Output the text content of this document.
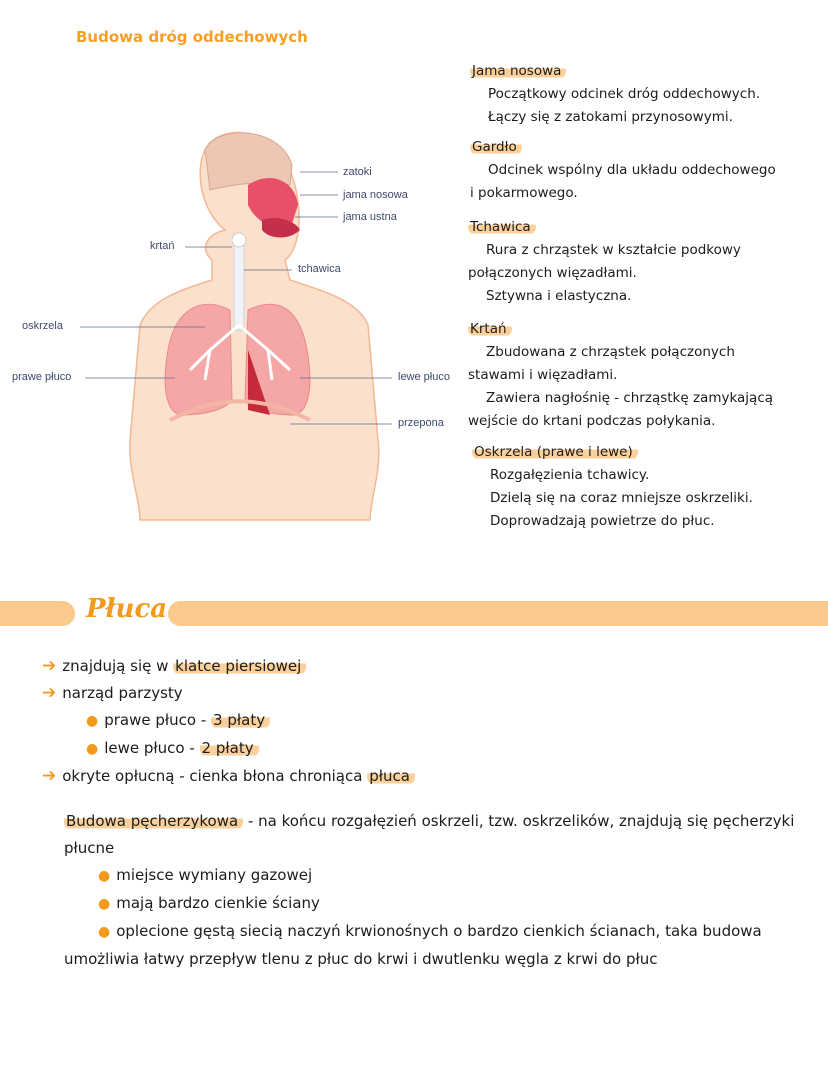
Budowa dróg oddechowych
zatoki
jama nosowa
jama ustna
krtań
tchawica
oskrzela
prawe płuco	lewe płuco
przepona
Jama nosowa
Początkowy odcinek dróg oddechowych.
Łączy się z zatokami przynosowymi.
Gardło
Odcinek wspólny dla układu oddechowego
i pokarmowego.
Tchawica
Rura z chrząstek w kształcie podkowy
połączonych więzadłami.
Sztywna i elastyczna.
Krtań
Zbudowana z chrząstek połączonych
stawami i więzadłami.
Zawiera nagłośnię - chrząstkę zamykającą
wejście do krtani podczas połykania.
Oskrzela (prawe i lewe)
Rozgałęzienia tchawicy.
Dzielą się na coraz mniejsze oskrzeliki.
Doprowadzają powietrze do płuc.
Płuca
➔ znajdują się w klatce piersiowej
➔ narząd parzysty
● prawe płuco - 3 płaty
● lewe płuco - 2 płaty
➔ okryte opłucną - cienka błona chroniąca płuca
Budowa pęcherzykowa - na końcu rozgałęzień oskrzeli, tzw. oskrzelików, znajdują się pęcherzyki płucne
● miejsce wymiany gazowej
● mają bardzo cienkie ściany
● oplecione gęstą siecią naczyń krwionośnych o bardzo cienkich ścianach, taka budowa umożliwia łatwy przepływ tlenu z płuc do krwi i dwutlenku węgla z krwi do płuc
